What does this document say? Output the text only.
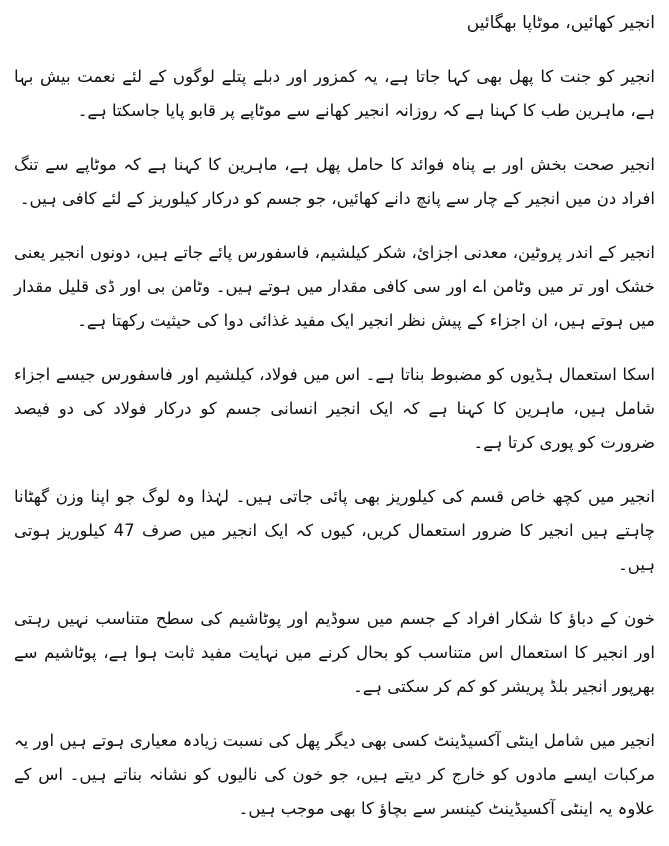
انجیر کھائیں، موٹاپا بھگائیں

انجیر کو جنت کا پھل بھی کہا جاتا ہے، یہ کمزور اور دبلے پتلے لوگوں کے لئے نعمت بیش بہا ہے، ماہرین طب کا کہنا ہے کہ روزانہ انجیر کھانے سے موٹاپے پر قابو پایا جاسکتا ہے۔

انجیر صحت بخش اور بے پناہ فوائد کا حامل پھل ہے، ماہرین کا کہنا ہے کہ موٹاپے سے تنگ افراد دن میں انجیر کے چار سے پانچ دانے کھائیں، جو جسم کو درکار کیلوریز کے لئے کافی ہیں۔

انجیر کے اندر پروٹین، معدنی اجزائ، شکر کیلشیم، فاسفورس پائے جاتے ہیں، دونوں انجیر یعنی خشک اور تر میں وٹامن اے اور سی کافی مقدار میں ہوتے ہیں۔ وٹامن بی اور ڈی قلیل مقدار میں ہوتے ہیں، ان اجزاء کے پیش نظر انجیر ایک مفید غذائی دوا کی حیثیت رکھتا ہے۔

اسکا استعمال ہڈیوں کو مضبوط بناتا ہے۔ اس میں فولاد، کیلشیم اور فاسفورس جیسے اجزاء شامل ہیں، ماہرین کا کہنا ہے کہ ایک انجیر انسانی جسم کو درکار فولاد کی دو فیصد ضرورت کو پوری کرتا ہے۔

انجیر میں کچھ خاص قسم کی کیلوریز بھی پائی جاتی ہیں۔ لہٰذا وہ لوگ جو اپنا وزن گھٹانا چاہتے ہیں انجیر کا ضرور استعمال کریں، کیوں کہ ایک انجیر میں صرف 47 کیلوریز ہوتی ہیں۔

خون کے دباؤ کا شکار افراد کے جسم میں سوڈیم اور پوٹاشیم کی سطح متناسب نہیں رہتی اور انجیر کا استعمال اس متناسب کو بحال کرنے میں نہایت مفید ثابت ہوا ہے، پوٹاشیم سے بھرپور انجیر بلڈ پریشر کو کم کر سکتی ہے۔

انجیر میں شامل اینٹی آکسیڈینٹ کسی بھی دیگر پھل کی نسبت زیادہ معیاری ہوتے ہیں اور یہ مرکبات ایسے مادوں کو خارج کر دیتے ہیں، جو خون کی نالیوں کو نشانہ بناتے ہیں۔ اس کے علاوہ یہ اینٹی آکسیڈینٹ کینسر سے بچاؤ کا بھی موجب ہیں۔
